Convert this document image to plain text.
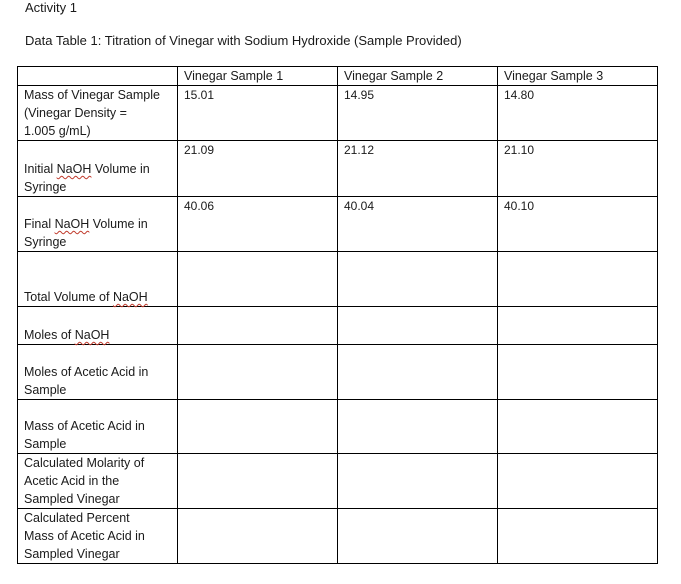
Activity 1
Data Table 1: Titration of Vinegar with Sodium Hydroxide (Sample Provided)
	Vinegar Sample 1	Vinegar Sample 2	Vinegar Sample 3

Mass of Vinegar Sample
(Vinegar Density =
1.005 g/mL)	15.01	14.95	14.80

Initial NaOH Volume in
Syringe	21.09	21.12	21.10

Final NaOH Volume in
Syringe	40.06	40.04	40.10

Total Volume of NaOH			

Moles of NaOH			

Moles of Acetic Acid in
Sample			

Mass of Acetic Acid in
Sample			

Calculated Molarity of
Acetic Acid in the
Sampled Vinegar			

Calculated Percent
Mass of Acetic Acid in
Sampled Vinegar			
